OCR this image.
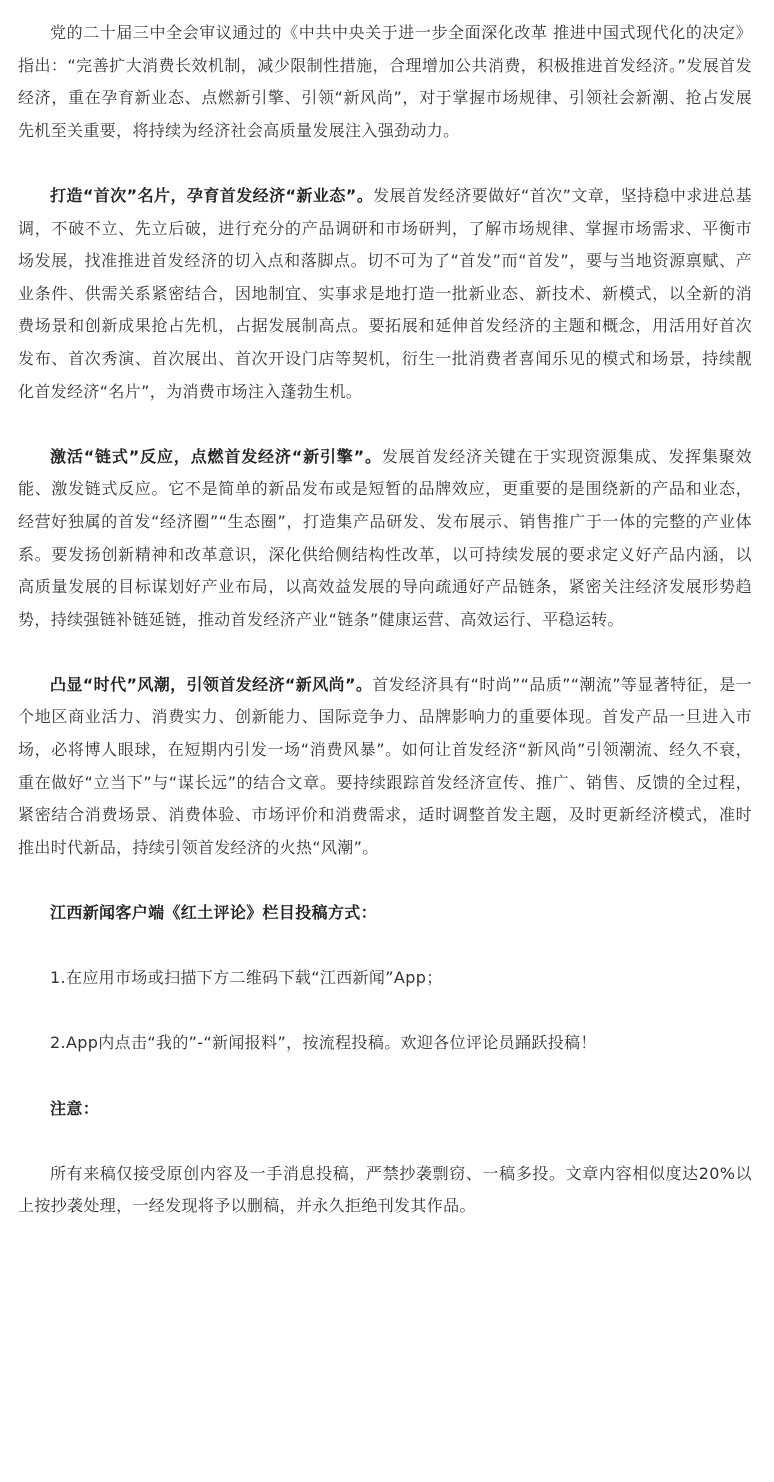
党的二十届三中全会审议通过的《中共中央关于进一步全面深化改革 推进中国式现代化的决定》指出：“完善扩大消费长效机制，减少限制性措施，合理增加公共消费，积极推进首发经济。”发展首发经济，重在孕育新业态、点燃新引擎、引领“新风尚”，对于掌握市场规律、引领社会新潮、抢占发展先机至关重要，将持续为经济社会高质量发展注入强劲动力。

打造“首次”名片，孕育首发经济“新业态”。发展首发经济要做好“首次”文章，坚持稳中求进总基调，不破不立、先立后破，进行充分的产品调研和市场研判，了解市场规律、掌握市场需求、平衡市场发展，找准推进首发经济的切入点和落脚点。切不可为了“首发”而“首发”，要与当地资源禀赋、产业条件、供需关系紧密结合，因地制宜、实事求是地打造一批新业态、新技术、新模式，以全新的消费场景和创新成果抢占先机，占据发展制高点。要拓展和延伸首发经济的主题和概念，用活用好首次发布、首次秀演、首次展出、首次开设门店等契机，衍生一批消费者喜闻乐见的模式和场景，持续靓化首发经济“名片”，为消费市场注入蓬勃生机。

激活“链式”反应，点燃首发经济“新引擎”。发展首发经济关键在于实现资源集成、发挥集聚效能、激发链式反应。它不是简单的新品发布或是短暂的品牌效应，更重要的是围绕新的产品和业态，经营好独属的首发“经济圈”“生态圈”，打造集产品研发、发布展示、销售推广于一体的完整的产业体系。要发扬创新精神和改革意识，深化供给侧结构性改革，以可持续发展的要求定义好产品内涵，以高质量发展的目标谋划好产业布局，以高效益发展的导向疏通好产品链条，紧密关注经济发展形势趋势，持续强链补链延链，推动首发经济产业“链条”健康运营、高效运行、平稳运转。

凸显“时代”风潮，引领首发经济“新风尚”。首发经济具有“时尚”“品质”“潮流”等显著特征，是一个地区商业活力、消费实力、创新能力、国际竞争力、品牌影响力的重要体现。首发产品一旦进入市场，必将博人眼球，在短期内引发一场“消费风暴”。如何让首发经济“新风尚”引领潮流、经久不衰，重在做好“立当下”与“谋长远”的结合文章。要持续跟踪首发经济宣传、推广、销售、反馈的全过程，紧密结合消费场景、消费体验、市场评价和消费需求，适时调整首发主题，及时更新经济模式，准时推出时代新品，持续引领首发经济的火热“风潮”。

江西新闻客户端《红土评论》栏目投稿方式：

1.在应用市场或扫描下方二维码下载“江西新闻”App；

2.App内点击“我的”-“新闻报料”，按流程投稿。欢迎各位评论员踊跃投稿！

注意：

所有来稿仅接受原创内容及一手消息投稿，严禁抄袭剽窃、一稿多投。文章内容相似度达20%以上按抄袭处理，一经发现将予以删稿，并永久拒绝刊发其作品。
